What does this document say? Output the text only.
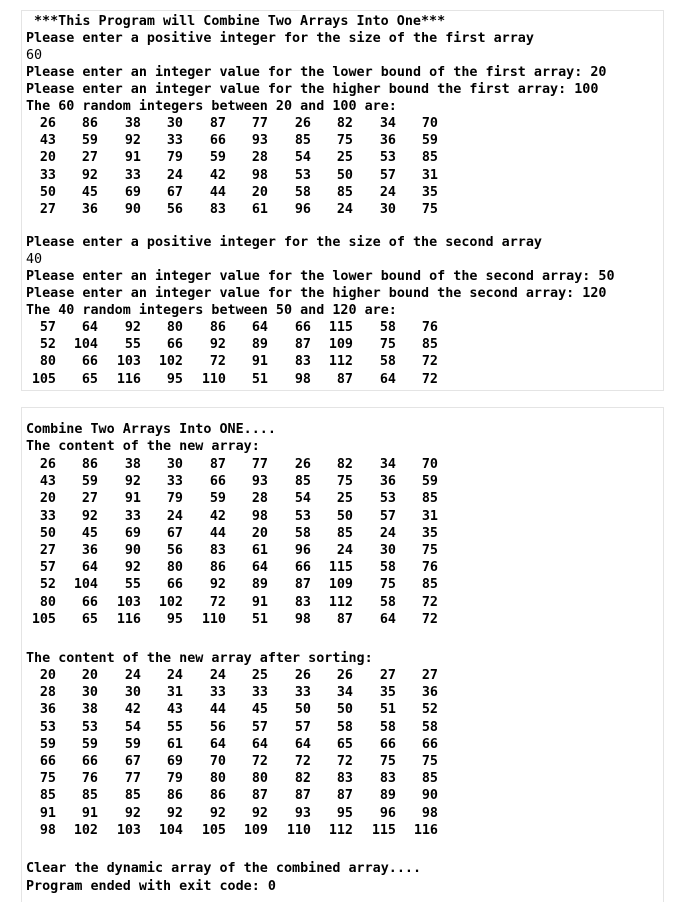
***This Program will Combine Two Arrays Into One***

Please enter a positive integer for the size of the first array

60

Please enter an integer value for the lower bound of the first array: 20

Please enter an integer value for the higher bound the first array: 100

The 60 random integers between 20 and 100 are:

26	86	38	30	87	77	26	82	34	70
43	59	92	33	66	93	85	75	36	59
20	27	91	79	59	28	54	25	53	85
33	92	33	24	42	98	53	50	57	31
50	45	69	67	44	20	58	85	24	35
27	36	90	56	83	61	96	24	30	75

Please enter a positive integer for the size of the second array

40

Please enter an integer value for the lower bound of the second array: 50

Please enter an integer value for the higher bound the second array: 120

The 40 random integers between 50 and 120 are:

57	64	92	80	86	64	66 115	58	76
52 104	55	66	92	89	87 109	75	85
80	66 103 102	72	91	83 112	58	72
105	65 116	95 110	51	98	87	64	72

Combine Two Arrays Into ONE....

The content of the new array:

26	86	38	30	87	77	26	82	34	70
43	59	92	33	66	93	85	75	36	59
20	27	91	79	59	28	54	25	53	85
33	92	33	24	42	98	53	50	57	31
50	45	69	67	44	20	58	85	24	35
27	36	90	56	83	61	96	24	30	75
57	64	92	80	86	64	66 115	58	76
52 104	55	66	92	89	87 109	75	85
80	66 103 102	72	91	83 112	58	72
105	65 116	95 110	51	98	87	64	72

The content of the new array after sorting:

20	20	24	24	24	25	26	26	27	27
28	30	30	31	33	33	33	34	35	36
36	38	42	43	44	45	50	50	51	52
53	53	54	55	56	57	57	58	58	58
59	59	59	61	64	64	64	65	66	66
66	66	67	69	70	72	72	72	75	75
75	76	77	79	80	80	82	83	83	85
85	85	85	86	86	87	87	87	89	90
91	91	92	92	92	92	93	95	96	98
98 102 103 104 105 109 110 112 115 116

Clear the dynamic array of the combined array....

Program ended with exit code: 0
